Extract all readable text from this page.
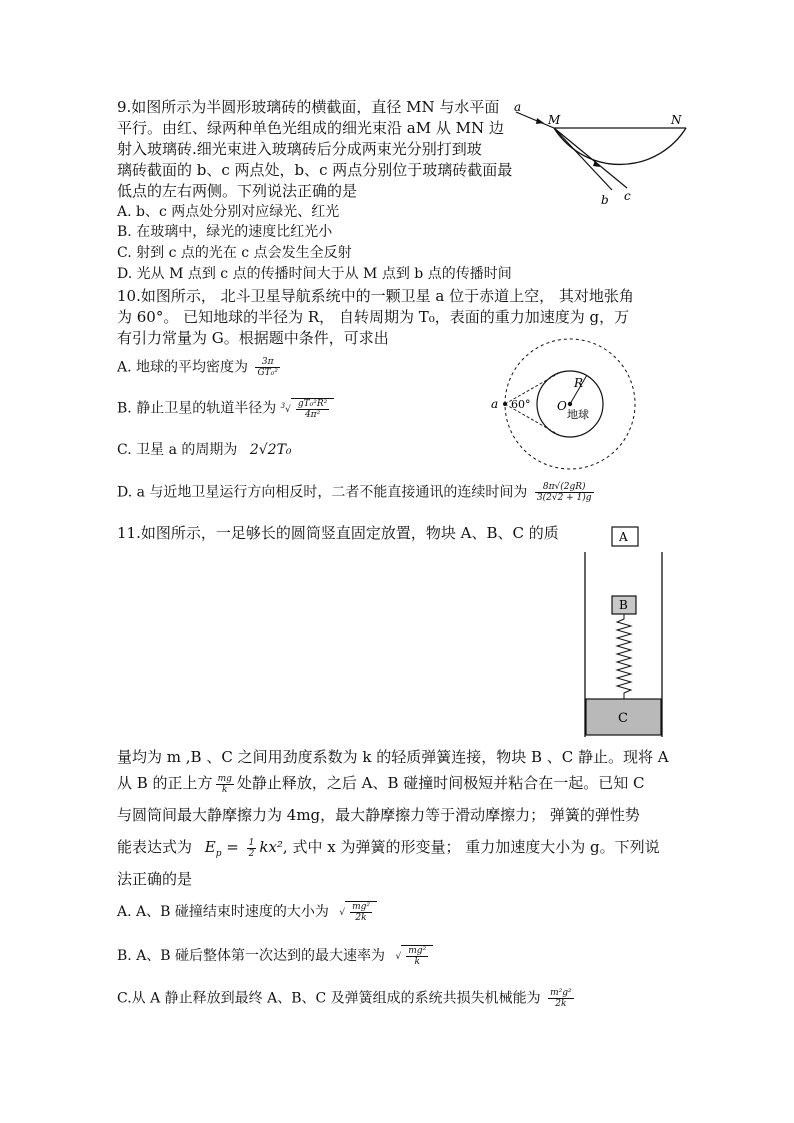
9.如图所示为半圆形玻璃砖的横截面，直径 MN 与水平面
平行。由红、绿两种单色光组成的细光束沿 aM 从 MN 边
射入玻璃砖.细光束进入玻璃砖后分成两束光分别打到玻
璃砖截面的 b、c 两点处，b、c 两点分别位于玻璃砖截面最
低点的左右两侧。下列说法正确的是
A. b、c 两点处分别对应绿光、红光
B. 在玻璃中，绿光的速度比红光小
C. 射到 c 点的光在 c 点会发生全反射
D. 光从 M 点到 c 点的传播时间大于从 M 点到 b 点的传播时间
a
M	N
b c
10.如图所示， 北斗卫星导航系统中的一颗卫星 a 位于赤道上空， 其对地张角
为 60°。 已知地球的半径为 R， 自转周期为 T₀，表面的重力加速度为 g，万
有引力常量为 G。根据题中条件，可求出
A. 地球的平均密度为 $\frac{3\pi}{\text{GT₀²}}$
B. 静止卫星的轨道半径为 $^3√ \frac{\text{gT₀²R²}}{\text{4π²}}$
C. 卫星 a 的周期为 2√2T₀
D. a 与近地卫星运行方向相反时，二者不能直接通讯的连续时间为 $\frac{8\pi√(2gR)}{3(2√2 + 1)g}$
a 60° O
R
地球
11.如图所示，一足够长的圆筒竖直固定放置，物块 A、B、C 的质	A
B
C
量均为 m ,B 、C 之间用劲度系数为 k 的轻质弹簧连接，物块 B 、C 静止。现将 A
从 B 的正上方 $\frac{mg}{k}$ 处静止释放，之后 A、B 碰撞时间极短并粘合在一起。已知 C
与圆筒间最大静摩擦力为 4mg，最大静摩擦力等于滑动摩擦力； 弹簧的弹性势
能表达式为 $E_p = \frac{1}{2} kx^2$, 式中 x 为弹簧的形变量； 重力加速度大小为 g。下列说
法正确的是
A. A、B 碰撞结束时速度的大小为 √ $\frac{\text{mg²}}{2k}$
B. A、B 碰后整体第一次达到的最大速率为 √ $\frac{\text{mg²}}{k}$
C.从 A 静止释放到最终 A、B、C 及弹簧组成的系统共损失机械能为 $\frac{\text{m²g²}}{2k}$
